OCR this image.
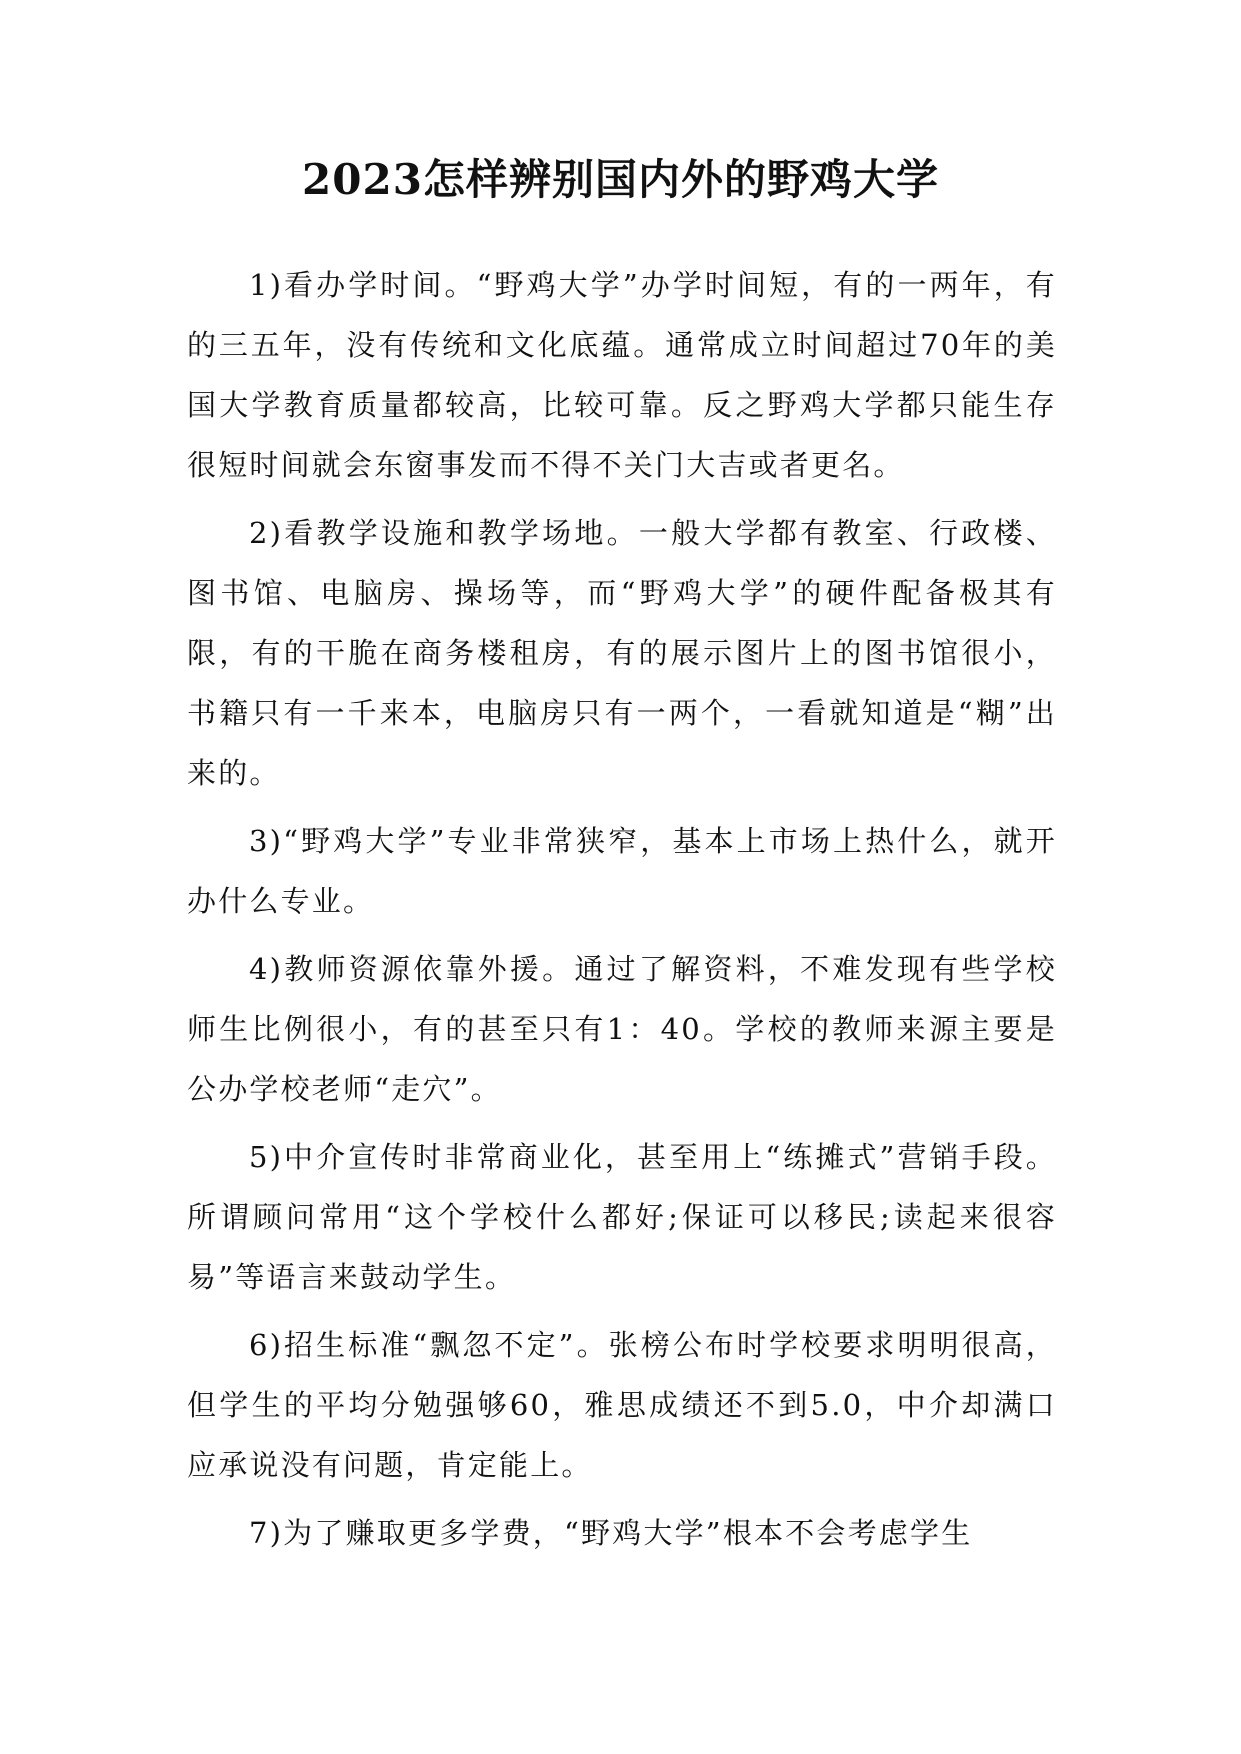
2023怎样辨别国内外的野鸡大学

1)看办学时间。“野鸡大学”办学时间短，有的一两年，有的三五年，没有传统和文化底蕴。通常成立时间超过70年的美国大学教育质量都较高，比较可靠。反之野鸡大学都只能生存很短时间就会东窗事发而不得不关门大吉或者更名。

2)看教学设施和教学场地。一般大学都有教室、行政楼、图书馆、电脑房、操场等，而“野鸡大学”的硬件配备极其有限，有的干脆在商务楼租房，有的展示图片上的图书馆很小，书籍只有一千来本，电脑房只有一两个，一看就知道是“糊”出来的。

3)“野鸡大学”专业非常狭窄，基本上市场上热什么，就开办什么专业。

4)教师资源依靠外援。通过了解资料，不难发现有些学校师生比例很小，有的甚至只有1：40。学校的教师来源主要是公办学校老师“走穴”。

5)中介宣传时非常商业化，甚至用上“练摊式”营销手段。所谓顾问常用“这个学校什么都好;保证可以移民;读起来很容易”等语言来鼓动学生。

6)招生标准“飘忽不定”。张榜公布时学校要求明明很高，但学生的平均分勉强够60，雅思成绩还不到5.0，中介却满口应承说没有问题，肯定能上。

7)为了赚取更多学费，“野鸡大学”根本不会考虑学生
